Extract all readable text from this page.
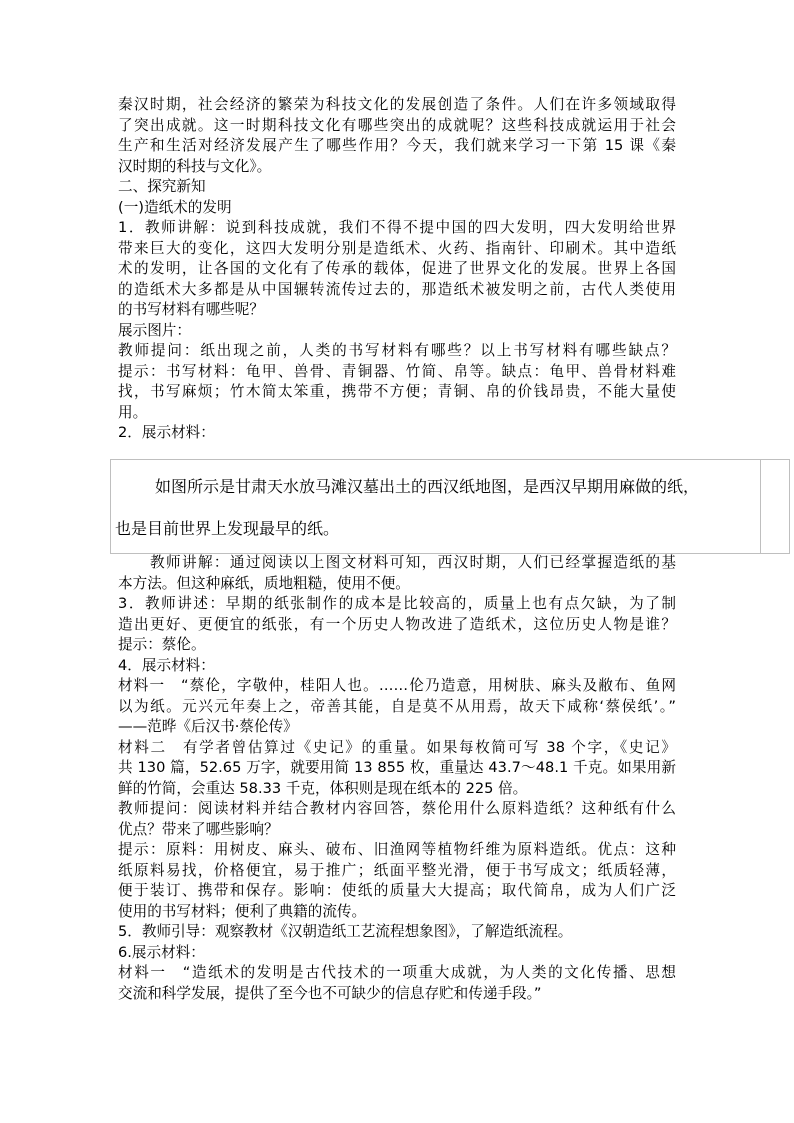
秦汉时期，社会经济的繁荣为科技文化的发展创造了条件。人们在许多领域取得
了突出成就。这一时期科技文化有哪些突出的成就呢？这些科技成就运用于社会
生产和生活对经济发展产生了哪些作用？今天，我们就来学习一下第 15 课《秦
汉时期的科技与文化》。
二、探究新知
(一)造纸术的发明
1．教师讲解：说到科技成就，我们不得不提中国的四大发明，四大发明给世界
带来巨大的变化，这四大发明分别是造纸术、火药、指南针、印刷术。其中造纸
术的发明，让各国的文化有了传承的载体，促进了世界文化的发展。世界上各国
的造纸术大多都是从中国辗转流传过去的，那造纸术被发明之前，古代人类使用
的书写材料有哪些呢？
展示图片：
教师提问：纸出现之前，人类的书写材料有哪些？以上书写材料有哪些缺点？
提示：书写材料：龟甲、兽骨、青铜器、竹简、帛等。缺点：龟甲、兽骨材料难
找，书写麻烦；竹木简太笨重，携带不方便；青铜、帛的价钱昂贵，不能大量使
用。
2．展示材料：
如图所示是甘肃天水放马滩汉墓出土的西汉纸地图，是西汉早期用麻做的纸，
也是目前世界上发现最早的纸。
教师讲解：通过阅读以上图文材料可知，西汉时期，人们已经掌握造纸的基
本方法。但这种麻纸，质地粗糙，使用不便。
3．教师讲述：早期的纸张制作的成本是比较高的，质量上也有点欠缺，为了制
造出更好、更便宜的纸张，有一个历史人物改进了造纸术，这位历史人物是谁？
提示：蔡伦。
4．展示材料：
材料一　“蔡伦，字敬仲，桂阳人也。……伦乃造意，用树肤、麻头及敝布、鱼网
以为纸。元兴元年奏上之，帝善其能，自是莫不从用焉，故天下咸称‘蔡侯纸’。”
——范晔《后汉书·蔡伦传》
材料二　有学者曾估算过《史记》的重量。如果每枚简可写 38 个字，《史记》
共 130 篇，52.65 万字，就要用简 13 855 枚，重量达 43.7～48.1 千克。如果用新
鲜的竹简，会重达 58.33 千克，体积则是现在纸本的 225 倍。
教师提问：阅读材料并结合教材内容回答，蔡伦用什么原料造纸？这种纸有什么
优点？带来了哪些影响？
提示：原料：用树皮、麻头、破布、旧渔网等植物纤维为原料造纸。优点：这种
纸原料易找，价格便宜，易于推广；纸面平整光滑，便于书写成文；纸质轻薄，
便于装订、携带和保存。影响：使纸的质量大大提高；取代简帛，成为人们广泛
使用的书写材料；便利了典籍的流传。
5．教师引导：观察教材《汉朝造纸工艺流程想象图》，了解造纸流程。
6.展示材料：
材料一　“造纸术的发明是古代技术的一项重大成就，为人类的文化传播、思想
交流和科学发展，提供了至今也不可缺少的信息存贮和传递手段。”
